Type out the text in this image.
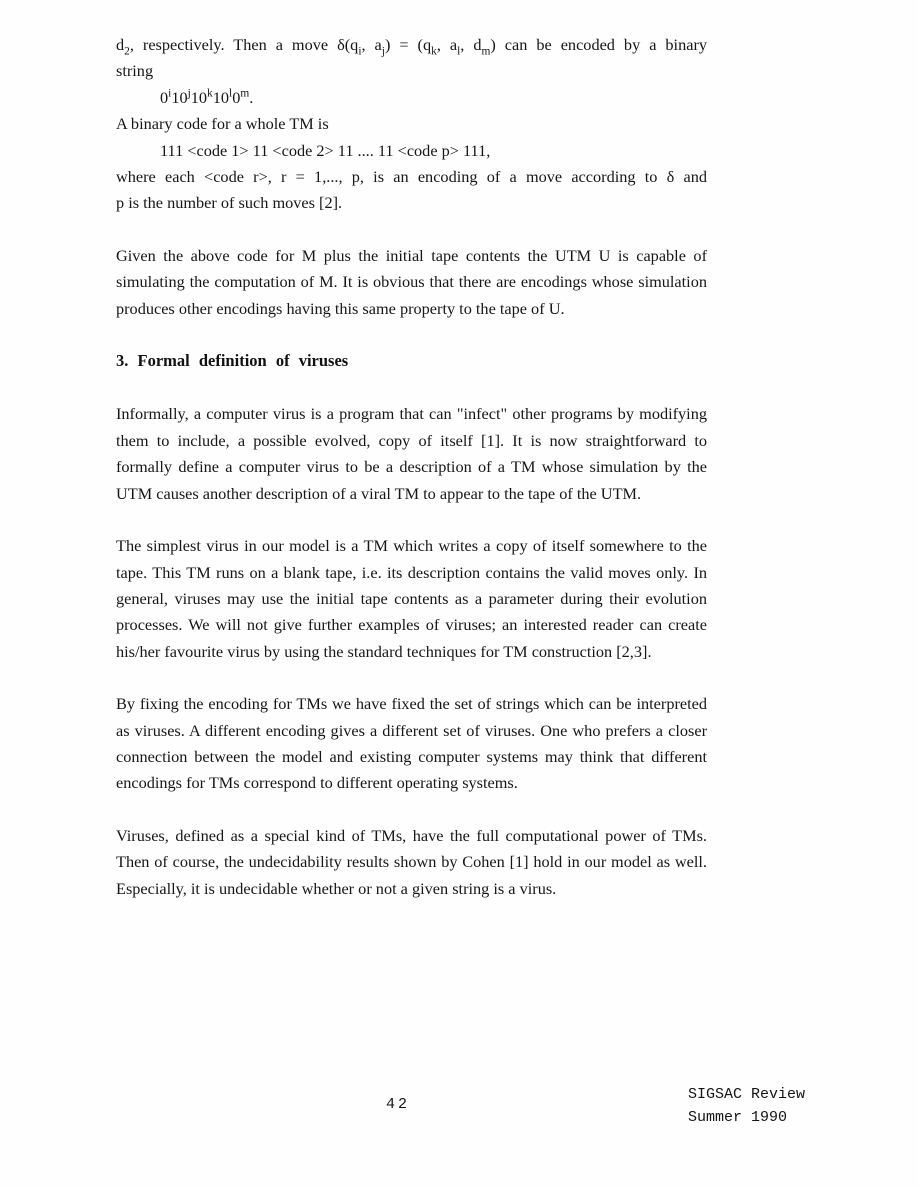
$d_2$, respectively. Then a move $\delta(q_i$, $a_j) = (q_k$, $a_l$, $d_m$) can be encoded by a binary
string
0$^i$10$^j$10$^k$10$^l$0$^m$.
A binary code for a whole TM is
111 <code 1> 11 <code 2> 11 .... 11 <code p> 111,
where each <code r>, r = 1,..., p, is an encoding of a move according to δ and
p is the number of such moves [2].

Given the above code for M plus the initial tape contents the UTM U is capable of simulating the computation of M. It is obvious that there are encodings whose simulation produces other encodings having this same property to the tape of U.

3. Formal definition of viruses

Informally, a computer virus is a program that can "infect" other programs by modifying them to include, a possible evolved, copy of itself [1]. It is now straightforward to formally define a computer virus to be a description of a TM whose simulation by the UTM causes another description of a viral TM to appear to the tape of the UTM.

The simplest virus in our model is a TM which writes a copy of itself somewhere to the tape. This TM runs on a blank tape, i.e. its description contains the valid moves only. In general, viruses may use the initial tape contents as a parameter during their evolution processes. We will not give further examples of viruses; an interested reader can create his/her favourite virus by using the standard techniques for TM construction [2,3].

By fixing the encoding for TMs we have fixed the set of strings which can be interpreted as viruses. A different encoding gives a different set of viruses. One who prefers a closer connection between the model and existing computer systems may think that different encodings for TMs correspond to different operating systems.

Viruses, defined as a special kind of TMs, have the full computational power of TMs. Then of course, the undecidability results shown by Cohen [1] hold in our model as well. Especially, it is undecidable whether or not a given string is a virus.

42
SIGSAC Review
Summer 1990
